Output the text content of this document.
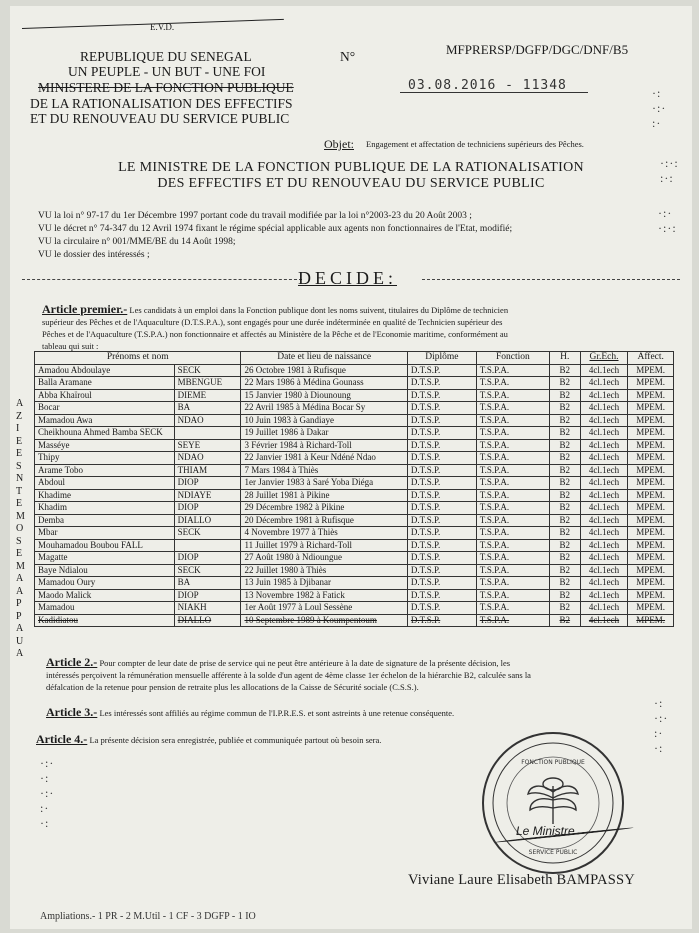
E.V.D.
REPUBLIQUE DU SENEGAL
UN PEUPLE - UN BUT - UNE FOI
MINISTERE DE LA FONCTION PUBLIQUE
DE LA RATIONALISATION DES EFFECTIFS
ET DU RENOUVEAU DU SERVICE PUBLIC
N°	MFPRERSP/DGFP/DGC/DNF/B5
03.08.2016 - 11348
Objet: Engagement et affectation de techniciens supérieurs des Pêches.
LE MINISTRE DE LA FONCTION PUBLIQUE DE LA RATIONALISATION
DES EFFECTIFS ET DU RENOUVEAU DU SERVICE PUBLIC
VU la loi n° 97-17 du 1er Décembre 1997 portant code du travail modifiée par la loi n°2003-23 du 20 Août 2003 ;
VU le décret n° 74-347 du 12 Avril 1974 fixant le régime spécial applicable aux agents non fonctionnaires de l'Etat, modifié;
VU la circulaire n° 001/MME/BE du 14 Août 1998;
VU le dossier des intéressés ;
DECIDE:
Article premier.- Les candidats à un emploi dans la Fonction publique dont les noms suivent, titulaires du Diplôme de technicien
supérieur des Pêches et de l'Aquaculture (D.T.S.P.A.), sont engagés pour une durée indéterminée en qualité de Technicien supérieur des
Pêches et de l'Aquaculture (T.S.P.A.) non fonctionnaire et affectés au Ministère de la Pêche et de l'Economie maritime, conformément au
tableau qui suit :
Prénoms et nom		Date et lieu de naissance	Diplôme	Fonction	H.	Gr.Ech.	Affect.
Amadou Abdoulaye	SECK	26 Octobre 1981 à Rufisque	D.T.S.P.	T.S.P.A.	B2	4cl.1ech	MPEM.
Balla Aramane	MBENGUE	22 Mars 1986 à Médina Gounass	D.T.S.P.	T.S.P.A.	B2	4cl.1ech	MPEM.
Abba Khaïroul	DIEME	15 Janvier 1980 à Diounoung	D.T.S.P.	T.S.P.A.	B2	4cl.1ech	MPEM.
Bocar	BA	22 Avril 1985 à Médina Bocar Sy	D.T.S.P.	T.S.P.A.	B2	4cl.1ech	MPEM.
Mamadou Awa	NDAO	10 Juin 1983 à Gandiaye	D.T.S.P.	T.S.P.A.	B2	4cl.1ech	MPEM.
Cheikhouna Ahmed Bamba SECK		19 Juillet 1986 à Dakar	D.T.S.P.	T.S.P.A.	B2	4cl.1ech	MPEM.
Masséye	SEYE	3 Février 1984 à Richard-Toll	D.T.S.P.	T.S.P.A.	B2	4cl.1ech	MPEM.
Thipy	NDAO	22 Janvier 1981 à Keur Ndéné Ndao	D.T.S.P.	T.S.P.A.	B2	4cl.1ech	MPEM.
Arame Tobo	THIAM	7 Mars 1984 à Thiès	D.T.S.P.	T.S.P.A.	B2	4cl.1ech	MPEM.
Abdoul	DIOP	1er Janvier 1983 à Saré Yoba Diéga	D.T.S.P.	T.S.P.A.	B2	4cl.1ech	MPEM.
Khadime	NDIAYE	28 Juillet 1981 à Pikine	D.T.S.P.	T.S.P.A.	B2	4cl.1ech	MPEM.
Khadim	DIOP	29 Décembre 1982 à Pikine	D.T.S.P.	T.S.P.A.	B2	4cl.1ech	MPEM.
Demba	DIALLO	20 Décembre 1981 à Rufisque	D.T.S.P.	T.S.P.A.	B2	4cl.1ech	MPEM.
Mbar	SECK	4 Novembre 1977 à Thiès	D.T.S.P.	T.S.P.A.	B2	4cl.1ech	MPEM.
Mouhamadou Boubou FALL		11 Juillet 1979 à Richard-Toll	D.T.S.P.	T.S.P.A.	B2	4cl.1ech	MPEM.
Magatte	DIOP	27 Août 1980 à Ndioungue	D.T.S.P.	T.S.P.A.	B2	4cl.1ech	MPEM.
Baye Ndialou	SECK	22 Juillet 1980 à Thiès	D.T.S.P.	T.S.P.A.	B2	4cl.1ech	MPEM.
Mamadou Oury	BA	13 Juin 1985 à Djibanar	D.T.S.P.	T.S.P.A.	B2	4cl.1ech	MPEM.
Maodo Malick	DIOP	13 Novembre 1982 à Fatick	D.T.S.P.	T.S.P.A.	B2	4cl.1ech	MPEM.
Mamadou	NIAKH	1er Août 1977 à Loul Sessène	D.T.S.P.	T.S.P.A.	B2	4cl.1ech	MPEM.
Kadidiatou	DIALLO	10 Septembre 1989 à Koumpentoum	D.T.S.P.	T.S.P.A.	B2	4cl.1ech	MPEM.
A
Z
I
E
E
S
N
T
E
M
O
S
E
M
A
A
P
P
A
U
A
Article 2.- Pour compter de leur date de prise de service qui ne peut être antérieure à la date de signature de la présente décision, les
intéressés perçoivent la rémunération mensuelle afférente à la solde d'un agent de 4ème classe 1er échelon de la hiérarchie B2, calculée sans la
défalcation de la retenue pour pension de retraite plus les allocations de la Caisse de Sécurité sociale (C.S.S.).
Article 3.- Les intéressés sont affiliés au régime commun de l'I.P.R.E.S. et sont astreints à une retenue conséquente.
Article 4.- La présente décision sera enregistrée, publiée et communiquée partout où besoin sera.
FONCTION PUBLIQUE
SERVICE PUBLIC
Le Ministre
Viviane Laure Elisabeth BAMPASSY
Ampliations.- 1 PR - 2 M.Util - 1 CF - 3 DGFP - 1 IO
·:
·:·
:·
·:·:
:·:
·:·
·:·:
·:
·:·
:·
·:
·:·
·:
·:·
:·
·:
